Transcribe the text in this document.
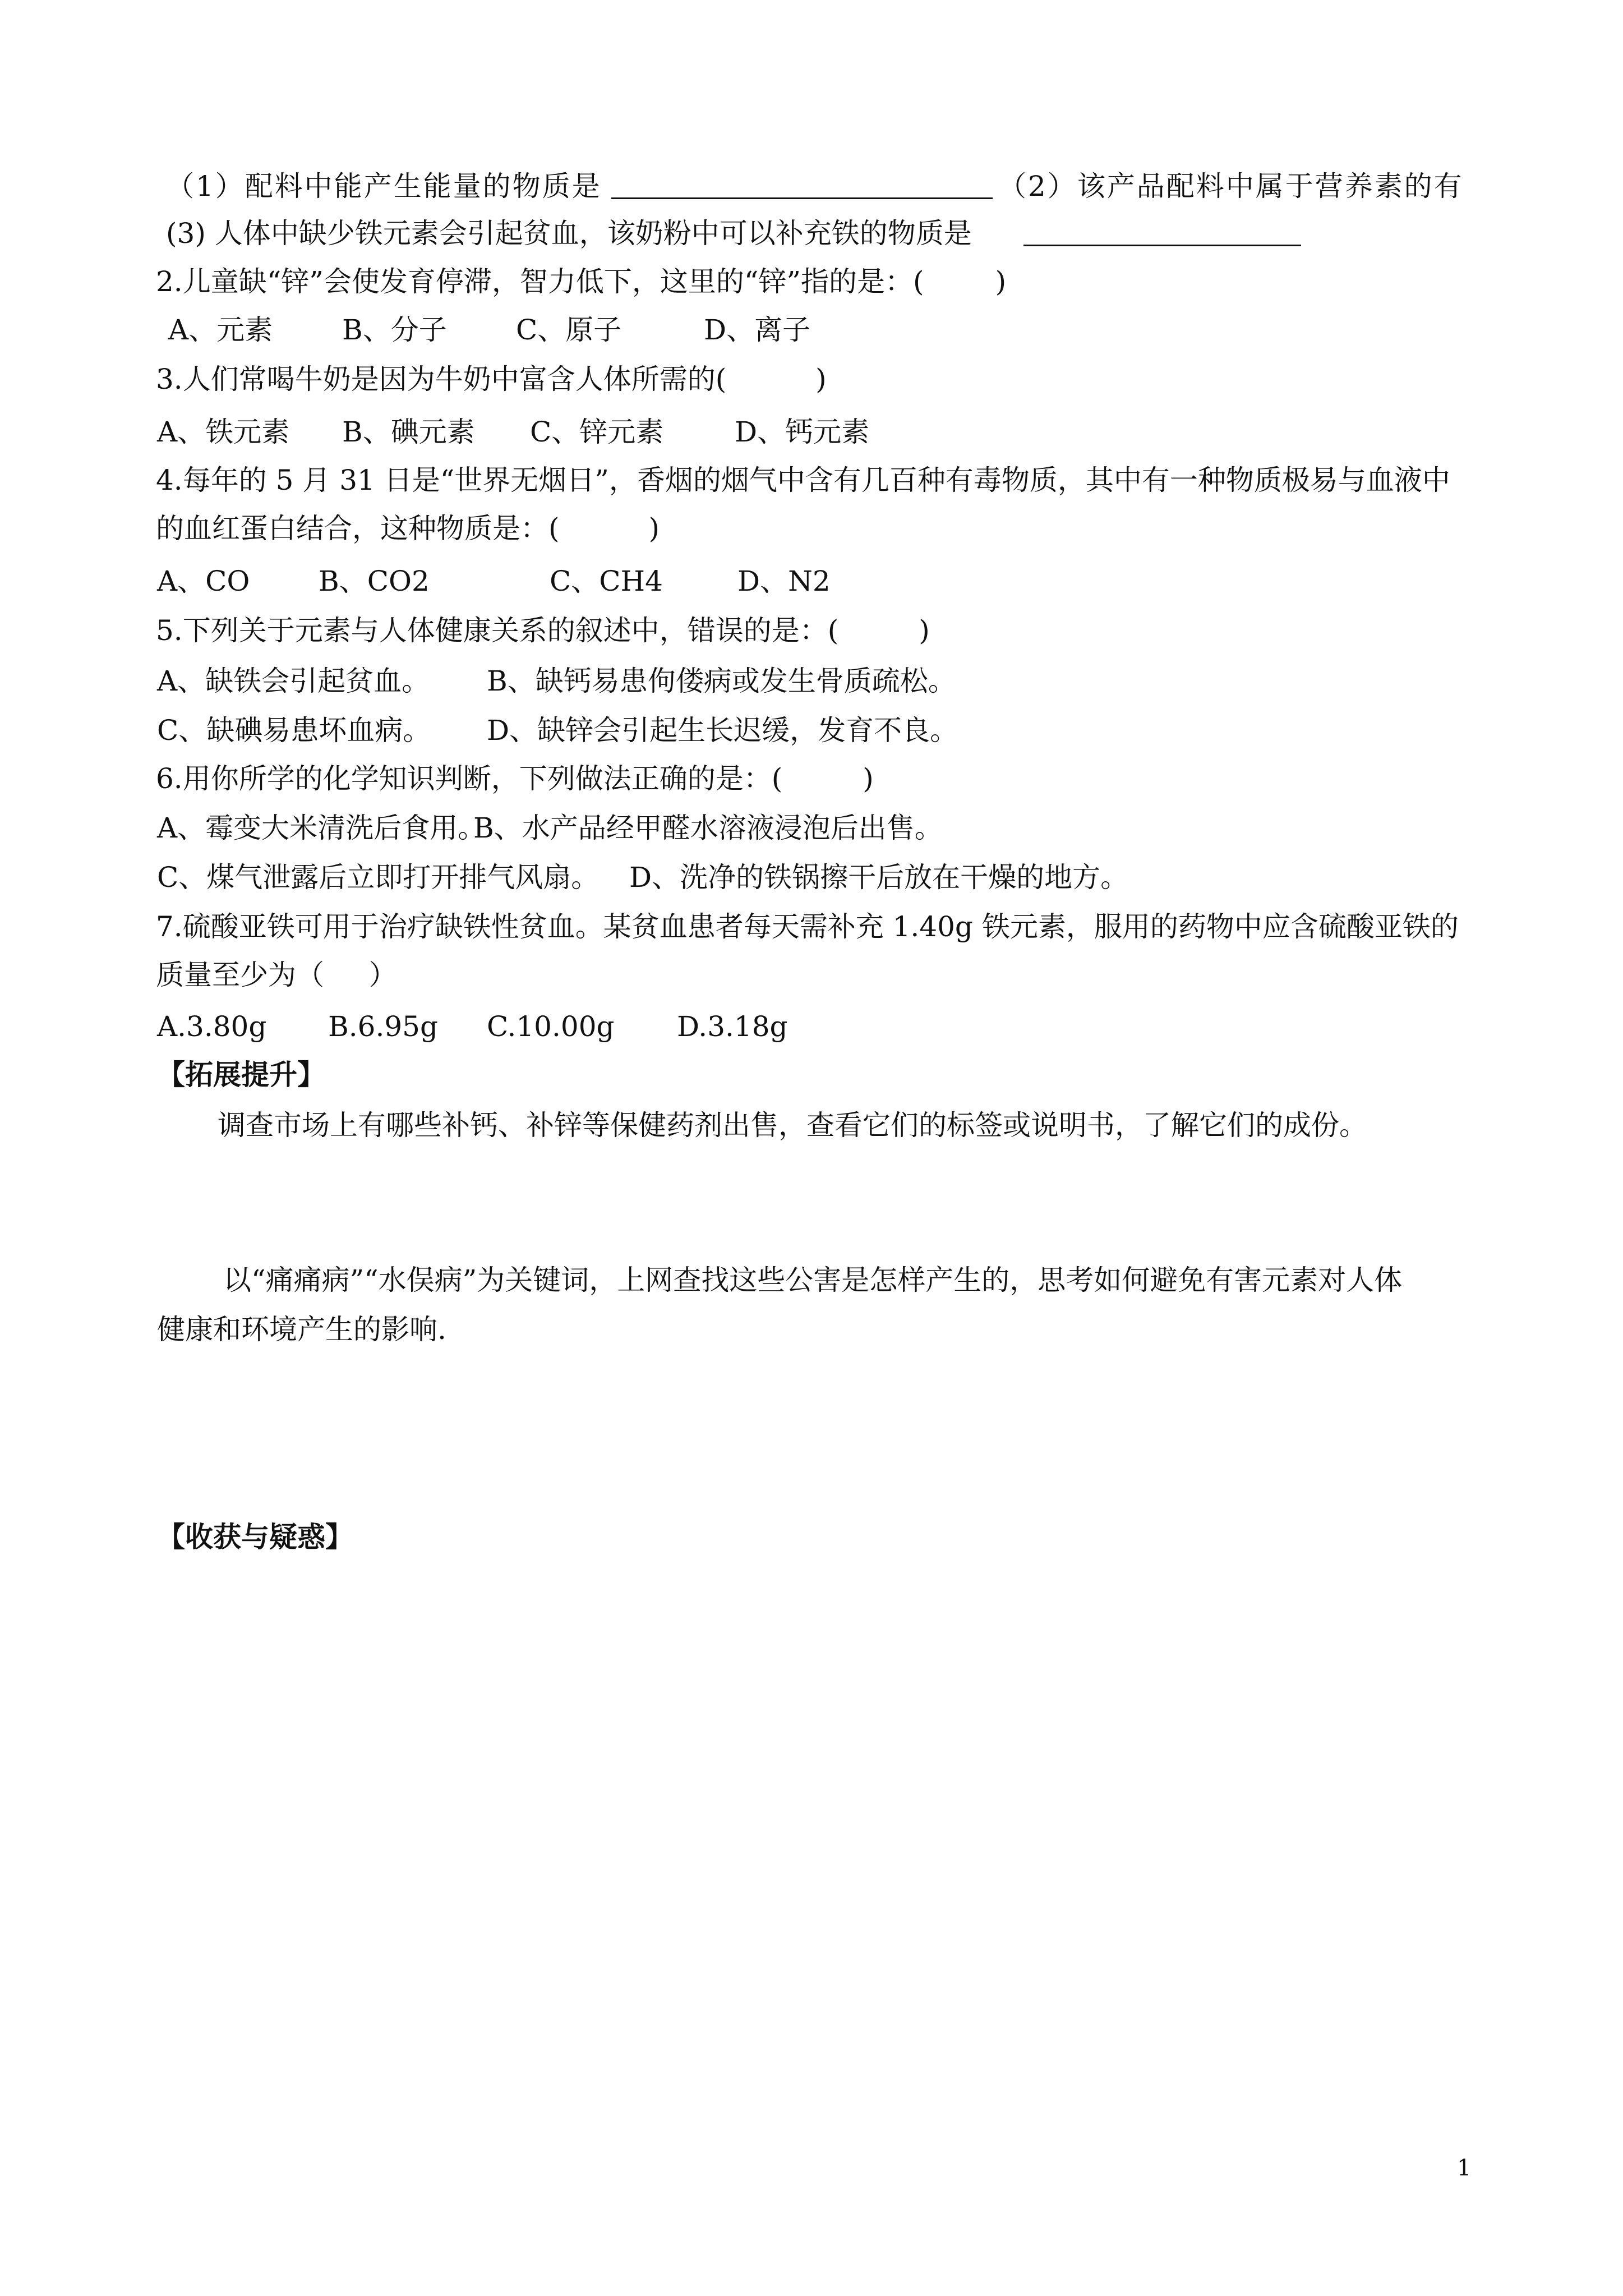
（1）配料中能产生能量的物质是

	（2）该产品配料中属于营养素的有

(3) 人体中缺少铁元素会引起贫血，该奶粉中可以补充铁的物质是

2.儿童缺“锌”会使发育停滞，智力低下，这里的“锌”指的是：(        )

A、元素

B、分子

C、原子

	D、离子

3.人们常喝牛奶是因为牛奶中富含人体所需的(          )

A、铁元素

B、碘元素

C、锌元素

	D、钙元素

4.每年的 5 月 31 日是“世界无烟日”，香烟的烟气中含有几百种有毒物质，其中有一种物质极易与血液中

的血红蛋白结合，这种物质是：(          )

A、CO

B、CO2

	C、CH4

	D、N2

5.下列关于元素与人体健康关系的叙述中，错误的是：(         )

A、缺铁会引起贫血。

B、缺钙易患佝偻病或发生骨质疏松。

C、缺碘易患坏血病。

D、缺锌会引起生长迟缓，发育不良。

6.用你所学的化学知识判断，下列做法正确的是：(         )

A、霉变大米清洗后食用。

B、水产品经甲醛水溶液浸泡后出售。

C、煤气泄露后立即打开排气风扇。

D、洗净的铁锅擦干后放在干燥的地方。

7.硫酸亚铁可用于治疗缺铁性贫血。某贫血患者每天需补充 1.40g 铁元素，服用的药物中应含硫酸亚铁的

质量至少为（     ）

A.3.80g

B.6.95g

C.10.00g

D.3.18g

【拓展提升】

调查市场上有哪些补钙、补锌等保健药剂出售，查看它们的标签或说明书，了解它们的成份。

以“痛痛病”“水俣病”为关键词，上网查找这些公害是怎样产生的，思考如何避免有害元素对人体

健康和环境产生的影响.

【收获与疑惑】
1
